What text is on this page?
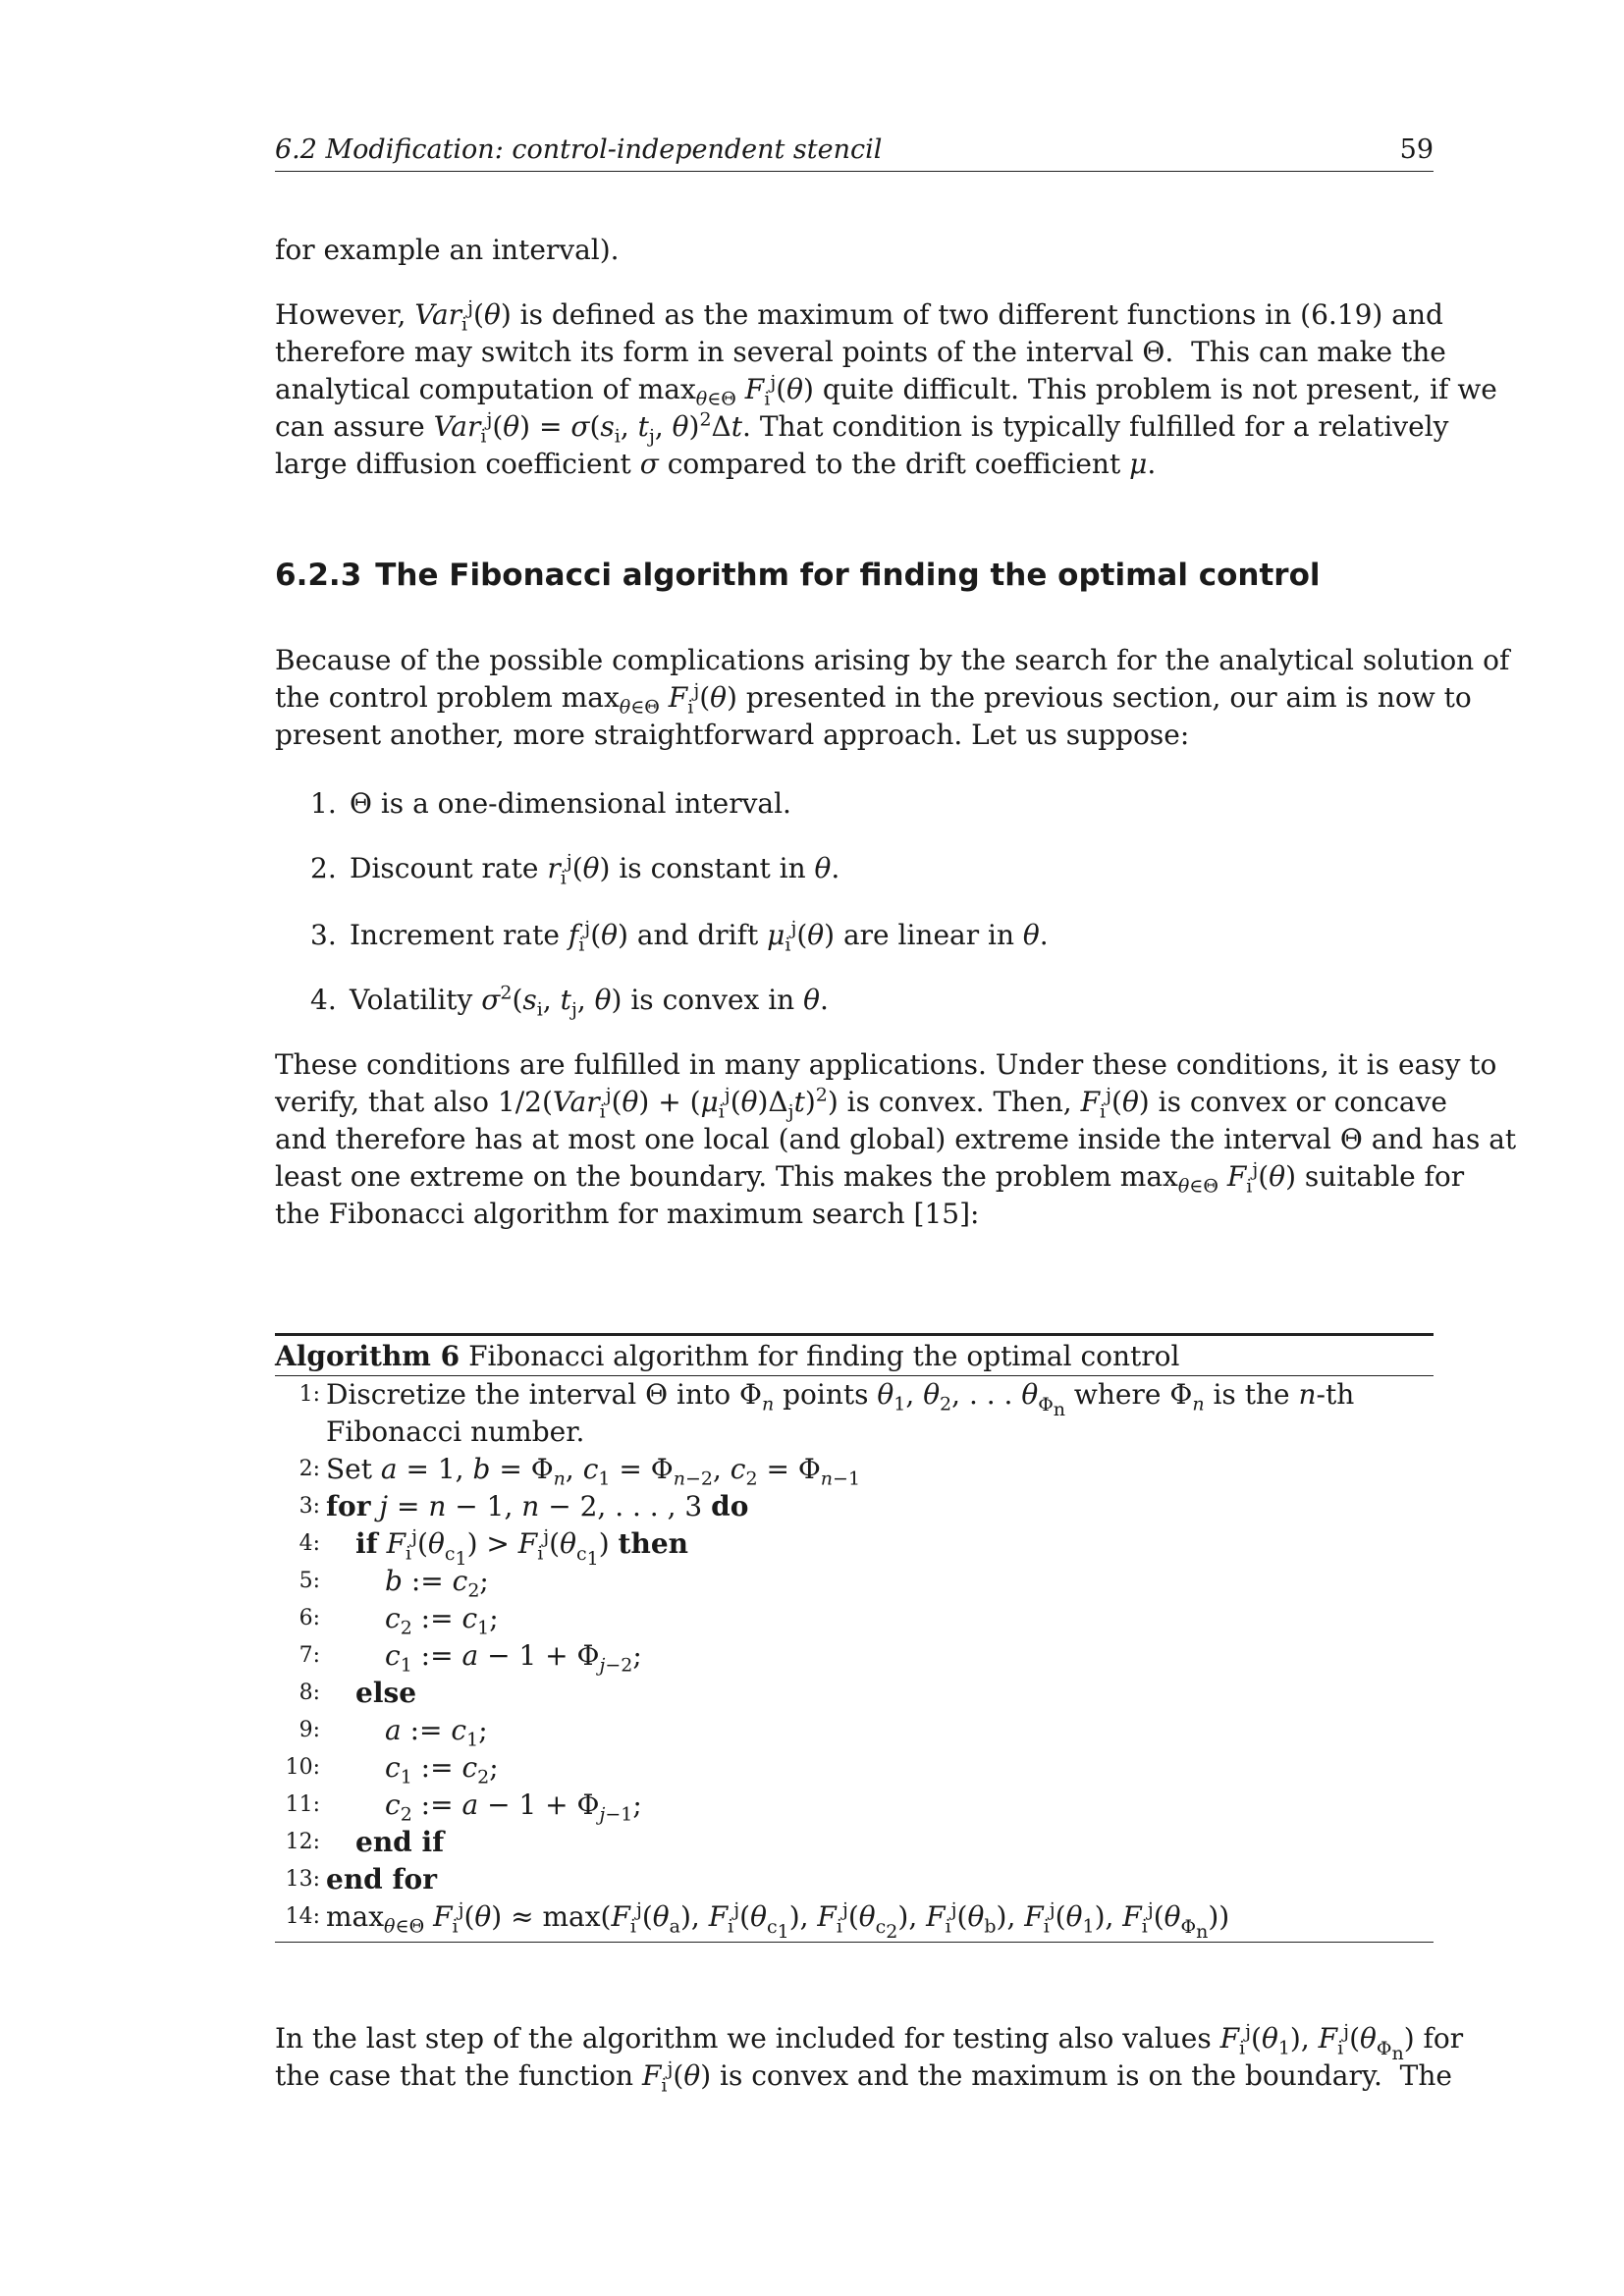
6.2 Modification: control-independent stencil	59

for example an interval).

However, Var$_i^j$(θ) is defined as the maximum of two different functions in (6.19) and
therefore may switch its form in several points of the interval Θ.  This can make the
analytical computation of $\max_{\theta\in\Theta} F_i^j(\theta)$ quite difficult. This problem is not present, if we
can assure $Var_i^j(\theta) = \sigma(s_i$, $t_j$, θ)$^2$Δt. That condition is typically fulfilled for a relatively
large diffusion coefficient σ compared to the drift coefficient μ.
6.2.3 The Fibonacci algorithm for finding the optimal control
Because of the possible complications arising by the search for the analytical solution of
the control problem $\max_{\theta\in\Theta} F_i^j(\theta)$ presented in the previous section, our aim is now to
present another, more straightforward approach. Let us suppose:
1. Θ is a one-dimensional interval.
2. Discount rate $r_i^j(\theta)$ is constant in θ.
3. Increment rate $f_i^j(\theta)$ and drift $\mu_i^j(\theta)$ are linear in θ.
4. Volatility $\sigma^2(s_i$, $t_j$, θ) is convex in θ.
These conditions are fulfilled in many applications. Under these conditions, it is easy to
verify, that also $1/2(Var_i^j(\theta) + (\mu_i^j(\theta)\Delta_jt)^2)$ is convex. Then, $F_i^j(\theta)$ is convex or concave
and therefore has at most one local (and global) extreme inside the interval Θ and has at
least one extreme on the boundary. This makes the problem $\max_{\theta\in\Theta} F_i^j(\theta)$ suitable for
the Fibonacci algorithm for maximum search [15]:
Algorithm 6 Fibonacci algorithm for finding the optimal control
1: Discretize the interval Θ into $\Phi_n$ points $\theta_1$, $\theta_2$, . . . $\theta_{\Phi_n}$ where $\Phi_n$ is the n-th Fibonacci number.
2: Set a = 1, $b = \Phi_n$, $c_1 = \Phi_{n-2}$, $c_2 = \Phi_{n-1}$
3: for j = n − 1, n − 2, . . . , 3 do
4:	if $F_i^j(\theta_{c_1}) > F_i^j(\theta_{c_1})$ then
5:	b := $c_2$;
6:	$c_2$ := $c_1$;
7:	$c_1$ := $a - 1 + \Phi_{j-2}$;
8:	else
9:	a := $c_1$;
10:	$c_1$ := $c_2$;
11:	$c_2$ := $a - 1 + \Phi_{j-1}$;
12:	end if
13: end for
14: $\max_{\theta\in\Theta} F_i^j(\theta) \approx \max(F_i^j(\theta_a)$, $F_i^j(\theta_{c_1})$, $F_i^j(\theta_{c_2})$, $F_i^j(\theta_b)$, $F_i^j(\theta_1)$, $F_i^j(\theta_{\Phi_n})$)
In the last step of the algorithm we included for testing also values $F_i^j(\theta_1)$, $F_i^j(\theta_{\Phi_n})$ for
the case that the function $F_i^j(\theta)$ is convex and the maximum is on the boundary.  The
